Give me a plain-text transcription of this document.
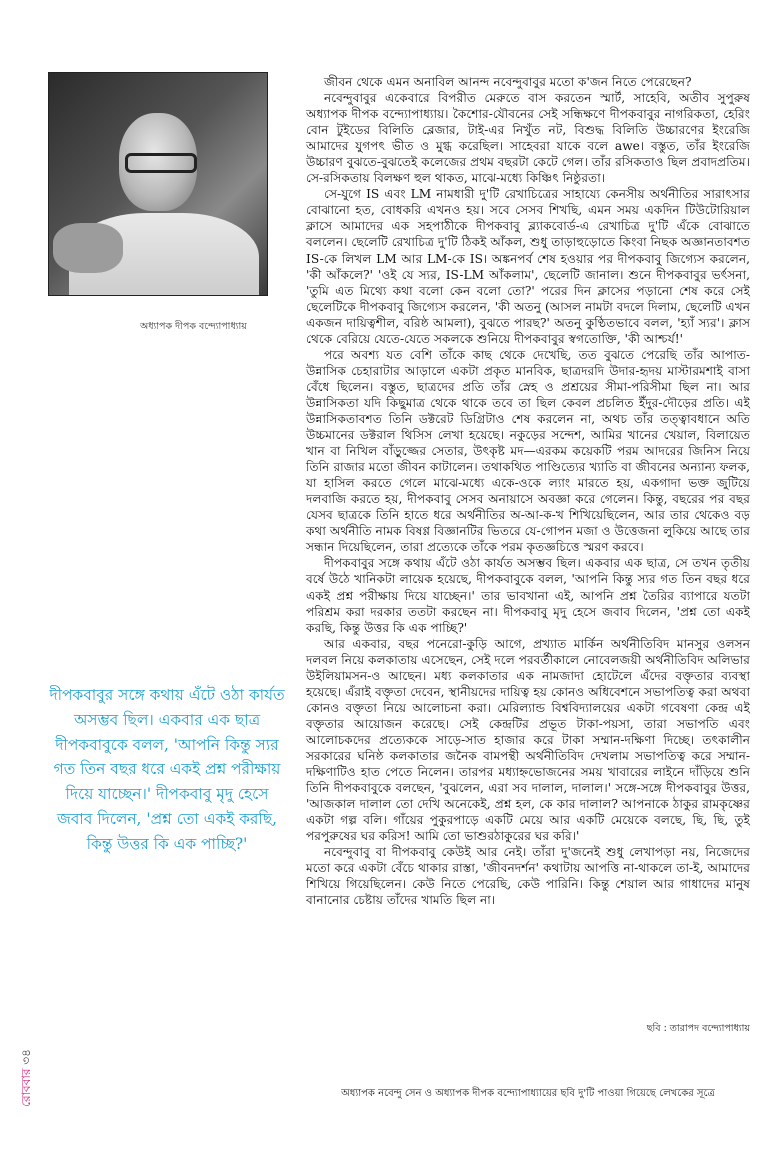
অধ্যাপক দীপক বন্দ্যোপাধ্যায়

জীবন থেকে এমন অনাবিল আনন্দ নবেন্দুবাবুর মতো ক'জন নিতে পেরেছেন?

নবেন্দুবাবুর একেবারে বিপরীত মেরুতে বাস করতেন স্মার্ট, সাহেবি, অতীব সুপুরুষ অধ্যাপক দীপক বন্দ্যোপাধ্যায়। কৈশোর-যৌবনের সেই সন্ধিক্ষণে দীপকবাবুর নাগরিকতা, হেরিং বোন টুইডের বিলিতি ব্লেজার, টাই-এর নিখুঁত নট, বিশুদ্ধ বিলিতি উচ্চারণের ইংরেজি আমাদের যুগপৎ ভীত ও মুগ্ধ করেছিল। সাহেবরা যাকে বলে awe। বস্তুত, তাঁর ইংরেজি উচ্চারণ বুঝতে-বুঝতেই কলেজের প্রথম বছরটা কেটে গেল। তাঁর রসিকতাও ছিল প্রবাদপ্রতিম। সে-রসিকতায় বিলক্ষণ হুল থাকত, মাঝে-মধ্যে কিঞ্চিৎ নিষ্ঠুরতা।

সে-যুগে IS এবং LM নামধারী দু'টি রেখাচিত্রের সাহায্যে কেনসীয় অর্থনীতির সারাৎসার বোঝানো হত, বোধকরি এখনও হয়। সবে সেসব শিখছি, এমন সময় একদিন টিউটোরিয়াল ক্লাসে আমাদের এক সহপাঠীকে দীপকবাবু ব্ল্যাকবোর্ড-এ রেখাচিত্র দু'টি এঁকে বোঝাতে বললেন। ছেলেটি রেখাচিত্র দু'টি ঠিকই আঁকল, শুধু তাড়াহুড়োতে কিংবা নিছক অজ্ঞানতাবশত IS-কে লিখল LM আর LM-কে IS। অঙ্কনপর্ব শেষ হওয়ার পর দীপকবাবু জিগ্যেস করলেন, 'কী আঁকলে?' 'ওই যে স্যর, IS-LM আঁকলাম', ছেলেটি জানাল। শুনে দীপকবাবুর ভর্ৎসনা, 'তুমি এত মিথ্যে কথা বলো কেন বলো তো?' পরের দিন ক্লাসের পড়ানো শেষ করে সেই ছেলেটিকে দীপকবাবু জিগ্যেস করলেন, 'কী অতনু (আসল নামটা বদলে দিলাম, ছেলেটি এখন একজন দায়িত্বশীল, বরিষ্ঠ আমলা), বুঝতে পারছ?' অতনু কুণ্ঠিতভাবে বলল, 'হ্যাঁ স্যর'। ক্লাস থেকে বেরিয়ে যেতে-যেতে সকলকে শুনিয়ে দীপকবাবুর স্বগতোক্তি, 'কী আশ্চর্য!'

পরে অবশ্য যত বেশি তাঁকে কাছ থেকে দেখেছি, তত বুঝতে পেরেছি তাঁর আপাত-উন্নাসিক চেহারাটার আড়ালে একটা প্রকৃত মানবিক, ছাত্রদরদি উদার-হৃদয় মাস্টারমশাই বাসা বেঁধে ছিলেন। বস্তুত, ছাত্রদের প্রতি তাঁর স্নেহ ও প্রশ্রয়ের সীমা-পরিসীমা ছিল না। আর উন্নাসিকতা যদি কিছুমাত্র থেকে থাকে তবে তা ছিল কেবল প্রচলিত ইঁদুর-দৌড়ের প্রতি। এই উন্নাসিকতাবশত তিনি ডক্টরেট ডিগ্রিটাও শেষ করলেন না, অথচ তাঁর তত্ত্বাবধানে অতি উচ্চমানের ডক্টরাল থিসিস লেখা হয়েছে। নকুড়ের সন্দেশ, আমির খানের খেয়াল, বিলায়েত খান বা নিখিল বাঁড়ুজ্জের সেতার, উৎকৃষ্ট মদ—এরকম কয়েকটি পরম আদরের জিনিস নিয়ে তিনি রাজার মতো জীবন কাটালেন। তথাকথিত পাণ্ডিত্যের খ্যাতি বা জীবনের অন্যান্য ফলক, যা হাসিল করতে গেলে মাঝে-মধ্যে একে-ওকে ল্যাং মারতে হয়, একগাদা ভক্ত জুটিয়ে দলবাজি করতে হয়, দীপকবাবু সেসব অনায়াসে অবজ্ঞা করে গেলেন। কিন্তু, বছরের পর বছর যেসব ছাত্রকে তিনি হাতে ধরে অর্থনীতির অ-আ-ক-খ শিখিয়েছিলেন, আর তার থেকেও বড় কথা অর্থনীতি নামক বিষণ্ণ বিজ্ঞানটির ভিতরে যে-গোপন মজা ও উত্তেজনা লুকিয়ে আছে তার সন্ধান দিয়েছিলেন, তারা প্রত্যেকে তাঁকে পরম কৃতজ্ঞচিত্তে স্মরণ করবে।

দীপকবাবুর সঙ্গে কথায় এঁটে ওঠা কার্যত অসম্ভব ছিল। একবার এক ছাত্র, সে তখন তৃতীয় বর্ষে উঠে খানিকটা লায়েক হয়েছে, দীপকবাবুকে বলল, 'আপনি কিন্তু স্যর গত তিন বছর ধরে একই প্রশ্ন পরীক্ষায় দিয়ে যাচ্ছেন।' তার ভাবখানা এই, আপনি প্রশ্ন তৈরির ব্যাপারে যতটা পরিশ্রম করা দরকার ততটা করছেন না। দীপকবাবু মৃদু হেসে জবাব দিলেন, 'প্রশ্ন তো একই করছি, কিন্তু উত্তর কি এক পাচ্ছি?'

আর একবার, বছর পনেরো-কুড়ি আগে, প্রখ্যাত মার্কিন অর্থনীতিবিদ মানসুর ওলসন দলবল নিয়ে কলকাতায় এসেছেন, সেই দলে পরবর্তীকালে নোবেলজয়ী অর্থনীতিবিদ অলিভার উইলিয়ামসন-ও আছেন। মধ্য কলকাতার এক নামজাদা হোটেলে এঁদের বক্তৃতার ব্যবস্থা হয়েছে। এঁরাই বক্তৃতা দেবেন, স্থানীয়দের দায়িত্ব হয় কোনও অধিবেশনে সভাপতিত্ব করা অথবা কোনও বক্তৃতা নিয়ে আলোচনা করা। মেরিল্যান্ড বিশ্ববিদ্যালয়ের একটা গবেষণা কেন্দ্র এই বক্তৃতার আয়োজন করেছে। সেই কেন্দ্রটির প্রভূত টাকা-পয়সা, তারা সভাপতি এবং আলোচকদের প্রত্যেককে সাড়ে-সাত হাজার করে টাকা সম্মান-দক্ষিণা দিচ্ছে। তৎকালীন সরকারের ঘনিষ্ঠ কলকাতার জনৈক বামপন্থী অর্থনীতিবিদ দেখলাম সভাপতিত্ব করে সম্মান-দক্ষিণাটিও হাত পেতে নিলেন। তারপর মধ্যাহ্নভোজনের সময় খাবারের লাইনে দাঁড়িয়ে শুনি তিনি দীপকবাবুকে বলছেন, 'বুঝলেন, এরা সব দালাল, দালাল।' সঙ্গে-সঙ্গে দীপকবাবুর উত্তর, 'আজকাল দালাল তো দেখি অনেকেই, প্রশ্ন হল, কে কার দালাল? আপনাকে ঠাকুর রামকৃষ্ণের একটা গল্প বলি। গাঁয়ের পুকুরপাড়ে একটি মেয়ে আর একটি মেয়েকে বলছে, ছি, ছি, তুই পরপুরুষের ঘর করিস! আমি তো ভাশুরঠাকুরের ঘর করি।'

নবেন্দুবাবু বা দীপকবাবু কেউই আর নেই। তাঁরা দু'জনেই শুধু লেখাপড়া নয়, নিজেদের মতো করে একটা বেঁচে থাকার রাস্তা, 'জীবনদর্শন' কথাটায় আপত্তি না-থাকলে তা-ই, আমাদের শিখিয়ে গিয়েছিলেন। কেউ নিতে পেরেছি, কেউ পারিনি। কিন্তু শেয়াল আর গাধাদের মানুষ বানানোর চেষ্টায় তাঁদের খামতি ছিল না।

ছবি : তারাপদ বন্দ্যোপাধ্যায়
দীপকবাবুর সঙ্গে কথায় এঁটে ওঠা কার্যত অসম্ভব ছিল। একবার এক ছাত্র দীপকবাবুকে বলল, 'আপনি কিন্তু স্যর গত তিন বছর ধরে একই প্রশ্ন পরীক্ষায় দিয়ে যাচ্ছেন।' দীপকবাবু মৃদু হেসে জবাব দিলেন, 'প্রশ্ন তো একই করছি, কিন্তু উত্তর কি এক পাচ্ছি?'
রোববার ৩৪
অধ্যাপক নবেন্দু সেন ও অধ্যাপক দীপক বন্দ্যোপাধ্যায়ের ছবি দু'টি পাওয়া গিয়েছে লেখকের সূত্রে
